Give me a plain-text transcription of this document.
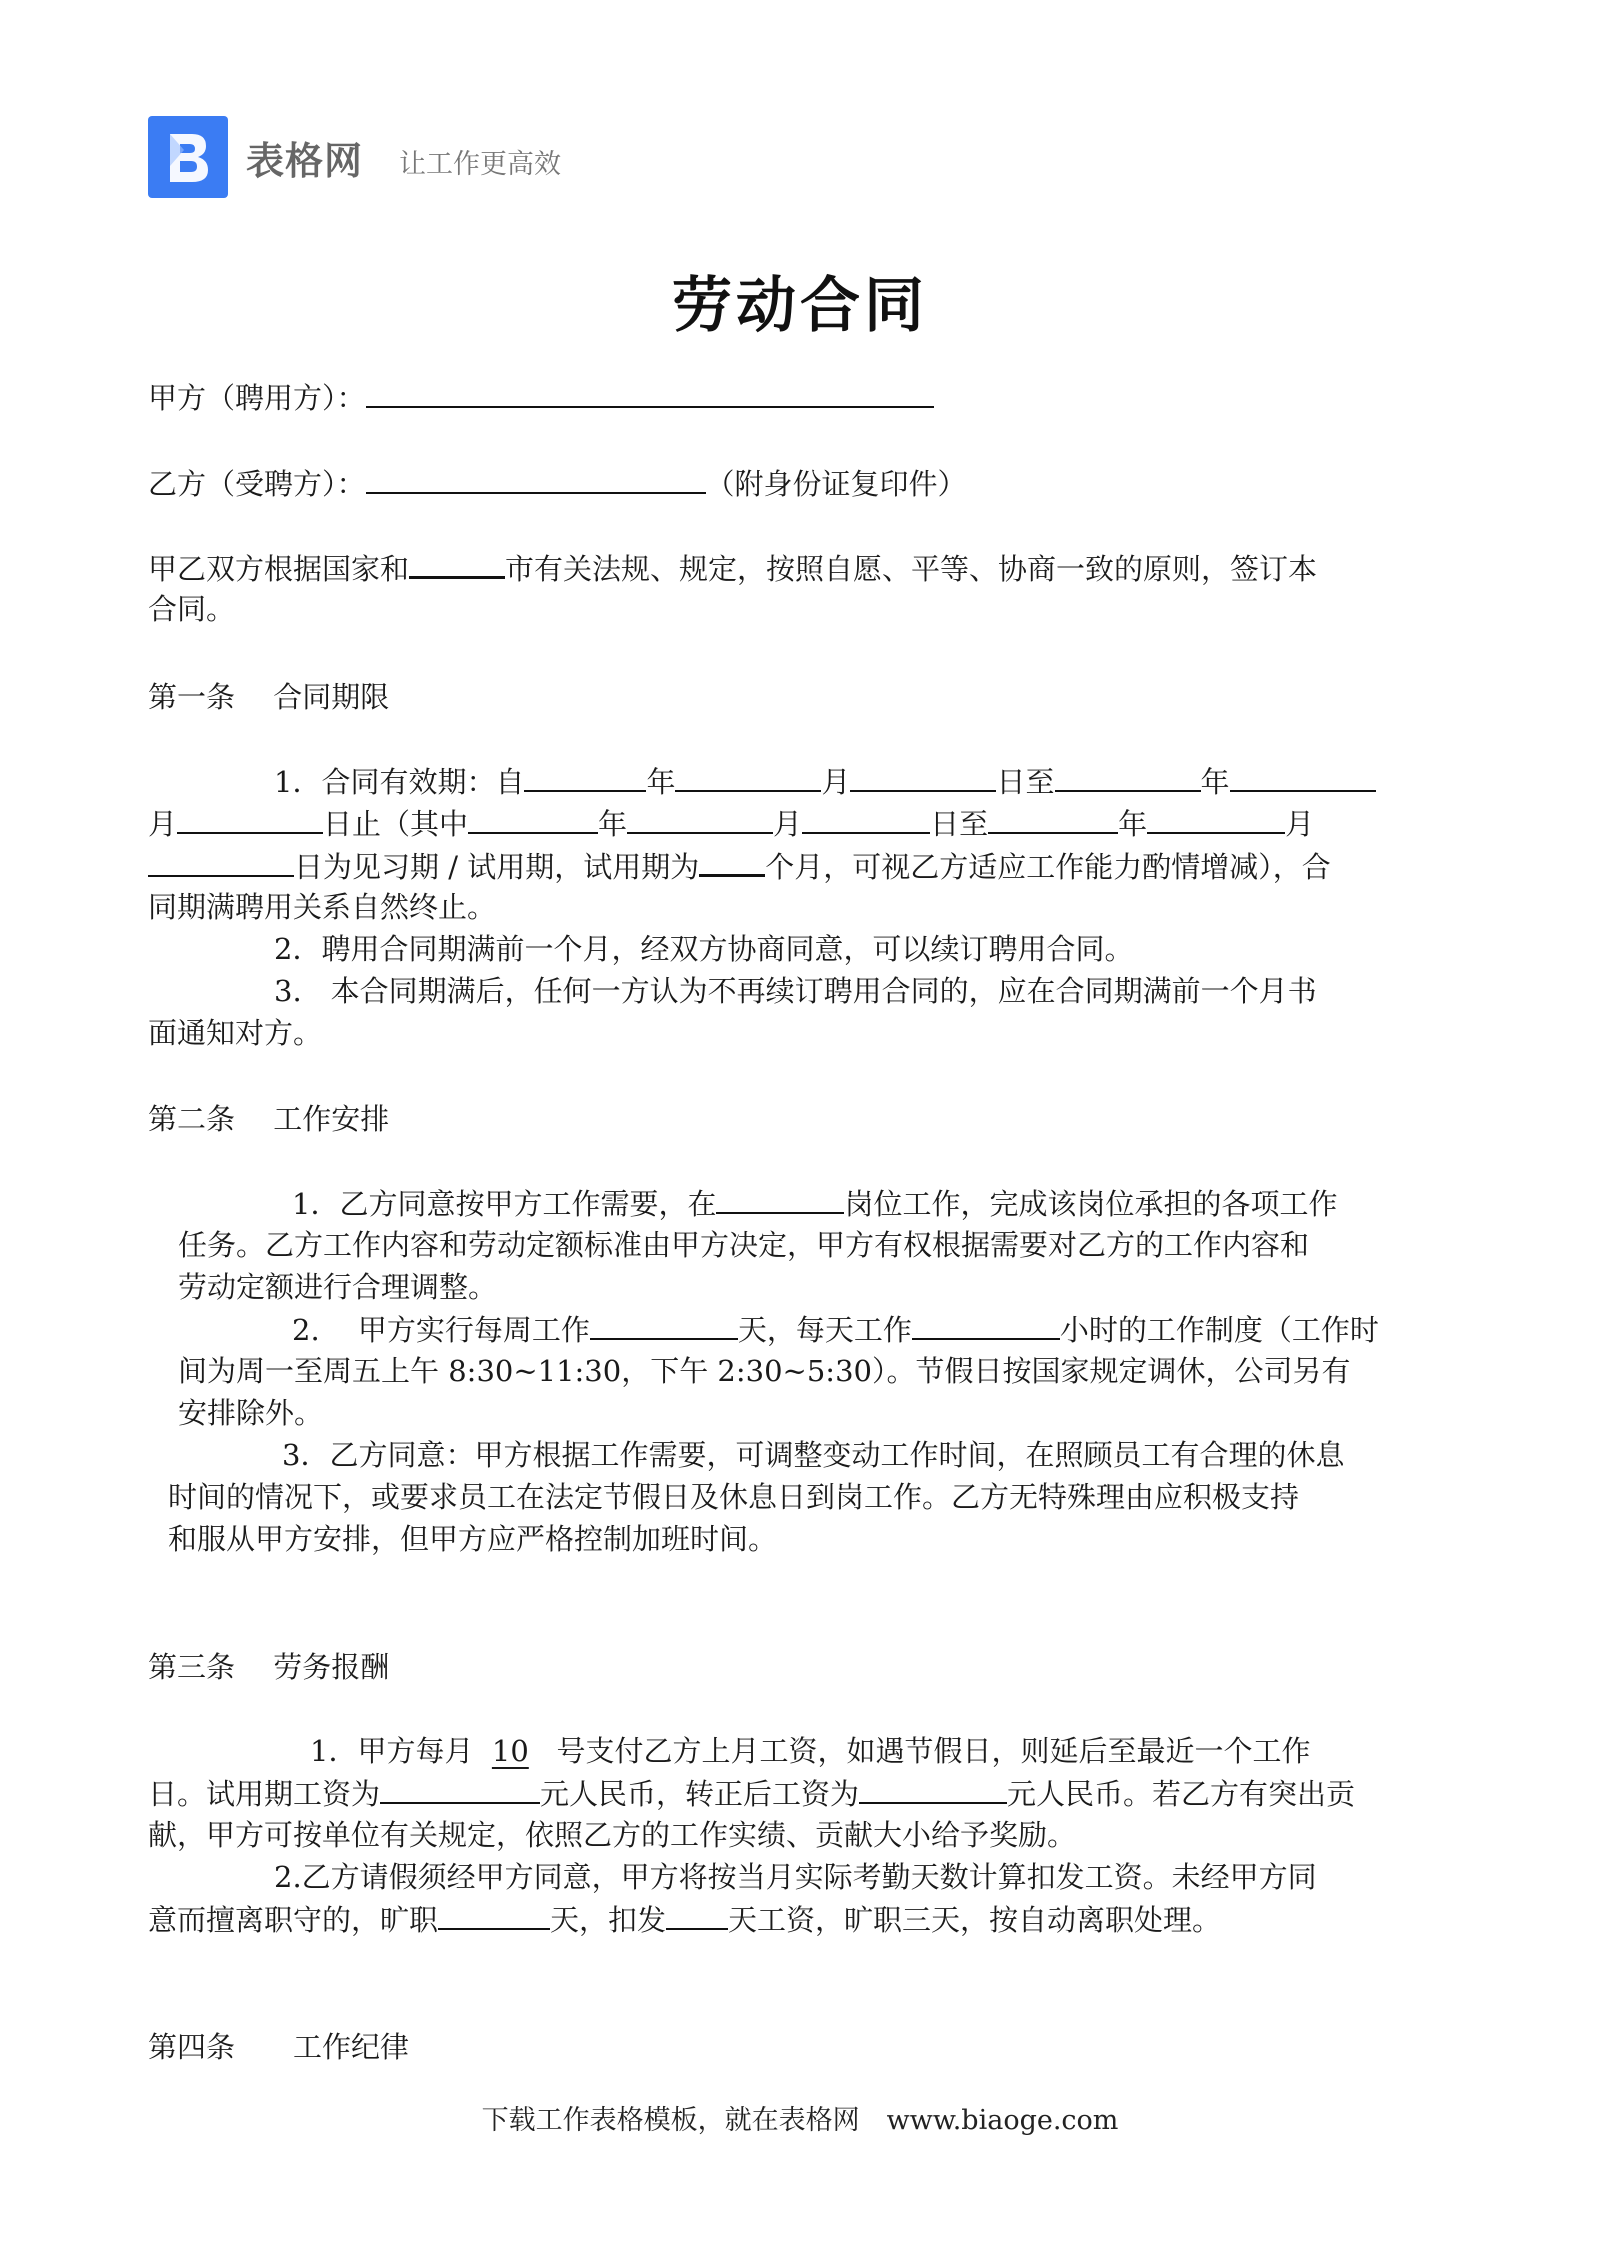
表格网 让工作更高效
劳动合同
甲方（聘用方）：
乙方（受聘方）：	（附身份证复印件）
甲乙双方根据国家和	市有关法规、规定，按照自愿、平等、协商一致的原则，签订本
合同。
第一条　 合同期限
1．合同有效期：自	年	月	日至	年
月	日止（其中	年	月	日至	年	月
日为见习期 / 试用期，试用期为 个月，可视乙方适应工作能力酌情增减），合
同期满聘用关系自然终止。
2．聘用合同期满前一个月，经双方协商同意，可以续订聘用合同。
3.　本合同期满后，任何一方认为不再续订聘用合同的，应在合同期满前一个月书
面通知对方。
第二条　 工作安排
1．乙方同意按甲方工作需要，在	岗位工作，完成该岗位承担的各项工作
任务。乙方工作内容和劳动定额标准由甲方决定，甲方有权根据需要对乙方的工作内容和
劳动定额进行合理调整。
2.　 甲方实行每周工作	天，每天工作	小时的工作制度（工作时
间为周一至周五上午 8:30~11:30，下午 2:30~5:30）。节假日按国家规定调休，公司另有
安排除外。
3．乙方同意：甲方根据工作需要，可调整变动工作时间，在照顾员工有合理的休息
时间的情况下，或要求员工在法定节假日及休息日到岗工作。乙方无特殊理由应积极支持
和服从甲方安排，但甲方应严格控制加班时间。
第三条　 劳务报酬
1．甲方每月 10 号支付乙方上月工资，如遇节假日，则延后至最近一个工作
日。试用期工资为	元人民币，转正后工资为	元人民币。若乙方有突出贡
献，甲方可按单位有关规定，依照乙方的工作实绩、贡献大小给予奖励。
2.乙方请假须经甲方同意，甲方将按当月实际考勤天数计算扣发工资。未经甲方同
意而擅离职守的，旷职	天，扣发 天工资，旷职三天，按自动离职处理。
第四条　　工作纪律
下载工作表格模板，就在表格网　www.biaoge.com
